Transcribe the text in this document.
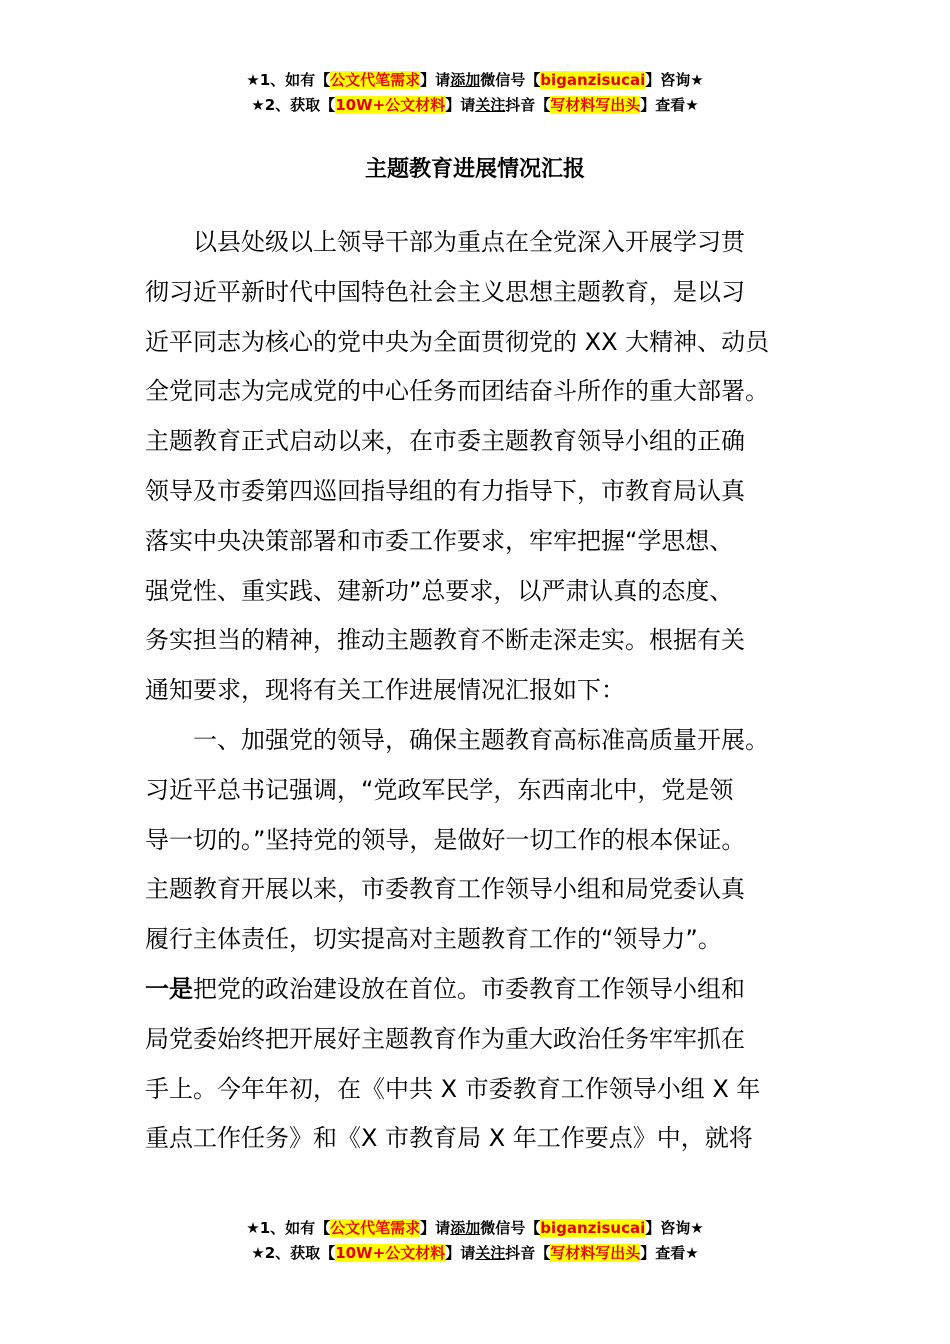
★1、如有【公文代笔需求】请添加微信号【biganzisucai】咨询★
★2、获取【10W+公文材料】请关注抖音【写材料写出头】查看★
主题教育进展情况汇报
以县处级以上领导干部为重点在全党深入开展学习贯
彻习近平新时代中国特色社会主义思想主题教育，是以习
近平同志为核心的党中央为全面贯彻党的 XX 大精神、动员
全党同志为完成党的中心任务而团结奋斗所作的重大部署。
主题教育正式启动以来，在市委主题教育领导小组的正确
领导及市委第四巡回指导组的有力指导下，市教育局认真
落实中央决策部署和市委工作要求，牢牢把握“学思想、
强党性、重实践、建新功”总要求，以严肃认真的态度、
务实担当的精神，推动主题教育不断走深走实。根据有关
通知要求，现将有关工作进展情况汇报如下：
一、加强党的领导，确保主题教育高标准高质量开展。
习近平总书记强调，“党政军民学，东西南北中，党是领
导一切的。”坚持党的领导，是做好一切工作的根本保证。
主题教育开展以来，市委教育工作领导小组和局党委认真
履行主体责任，切实提高对主题教育工作的“领导力”。
一是把党的政治建设放在首位。市委教育工作领导小组和
局党委始终把开展好主题教育作为重大政治任务牢牢抓在
手上。今年年初，在《中共 X 市委教育工作领导小组 X 年
重点工作任务》和《X 市教育局 X 年工作要点》中，就将
★1、如有【公文代笔需求】请添加微信号【biganzisucai】咨询★
★2、获取【10W+公文材料】请关注抖音【写材料写出头】查看★
